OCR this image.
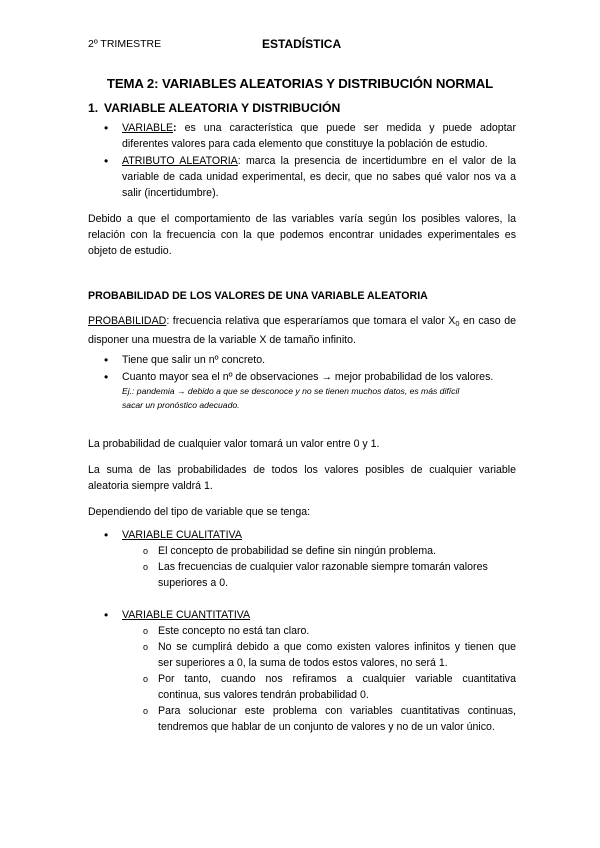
2º TRIMESTRE	ESTADÍSTICA
TEMA 2: VARIABLES ALEATORIAS Y DISTRIBUCIÓN NORMAL
1. VARIABLE ALEATORIA Y DISTRIBUCIÓN
• VARIABLE: es una característica que puede ser medida y puede adoptar

diferentes valores para cada elemento que constituye la población de estudio.

• ATRIBUTO ALEATORIA: marca la presencia de incertidumbre en el valor de la

variable de cada unidad experimental, es decir, que no sabes qué valor nos va a

salir (incertidumbre).

Debido a que el comportamiento de las variables varía según los posibles valores, la

relación con la frecuencia con la que podemos encontrar unidades experimentales es

objeto de estudio.

PROBABILIDAD DE LOS VALORES DE UNA VARIABLE ALEATORIA

PROBABILIDAD: frecuencia relativa que esperaríamos que tomara el valor $X_0$ en caso de

disponer una muestra de la variable X de tamaño infinito.

• Tiene que salir un nº concreto.

• Cuanto mayor sea el nº de observaciones → mejor probabilidad de los valores.

Ej.: pandemia → debido a que se desconoce y no se tienen muchos datos, es más difícil
sacar un pronóstico adecuado.

La probabilidad de cualquier valor tomará un valor entre 0 y 1.

La suma de las probabilidades de todos los valores posibles de cualquier variable

aleatoria siempre valdrá 1.

Dependiendo del tipo de variable que se tenga:

• VARIABLE CUALITATIVA

o El concepto de probabilidad se define sin ningún problema.

o Las frecuencias de cualquier valor razonable siempre tomarán valores

superiores a 0.

• VARIABLE CUANTITATIVA

o Este concepto no está tan claro.

o No se cumplirá debido a que como existen valores infinitos y tienen que

ser superiores a 0, la suma de todos estos valores, no será 1.

o Por tanto, cuando nos refiramos a cualquier variable cuantitativa

continua, sus valores tendrán probabilidad 0.

o Para solucionar este problema con variables cuantitativas continuas,

tendremos que hablar de un conjunto de valores y no de un valor único.
